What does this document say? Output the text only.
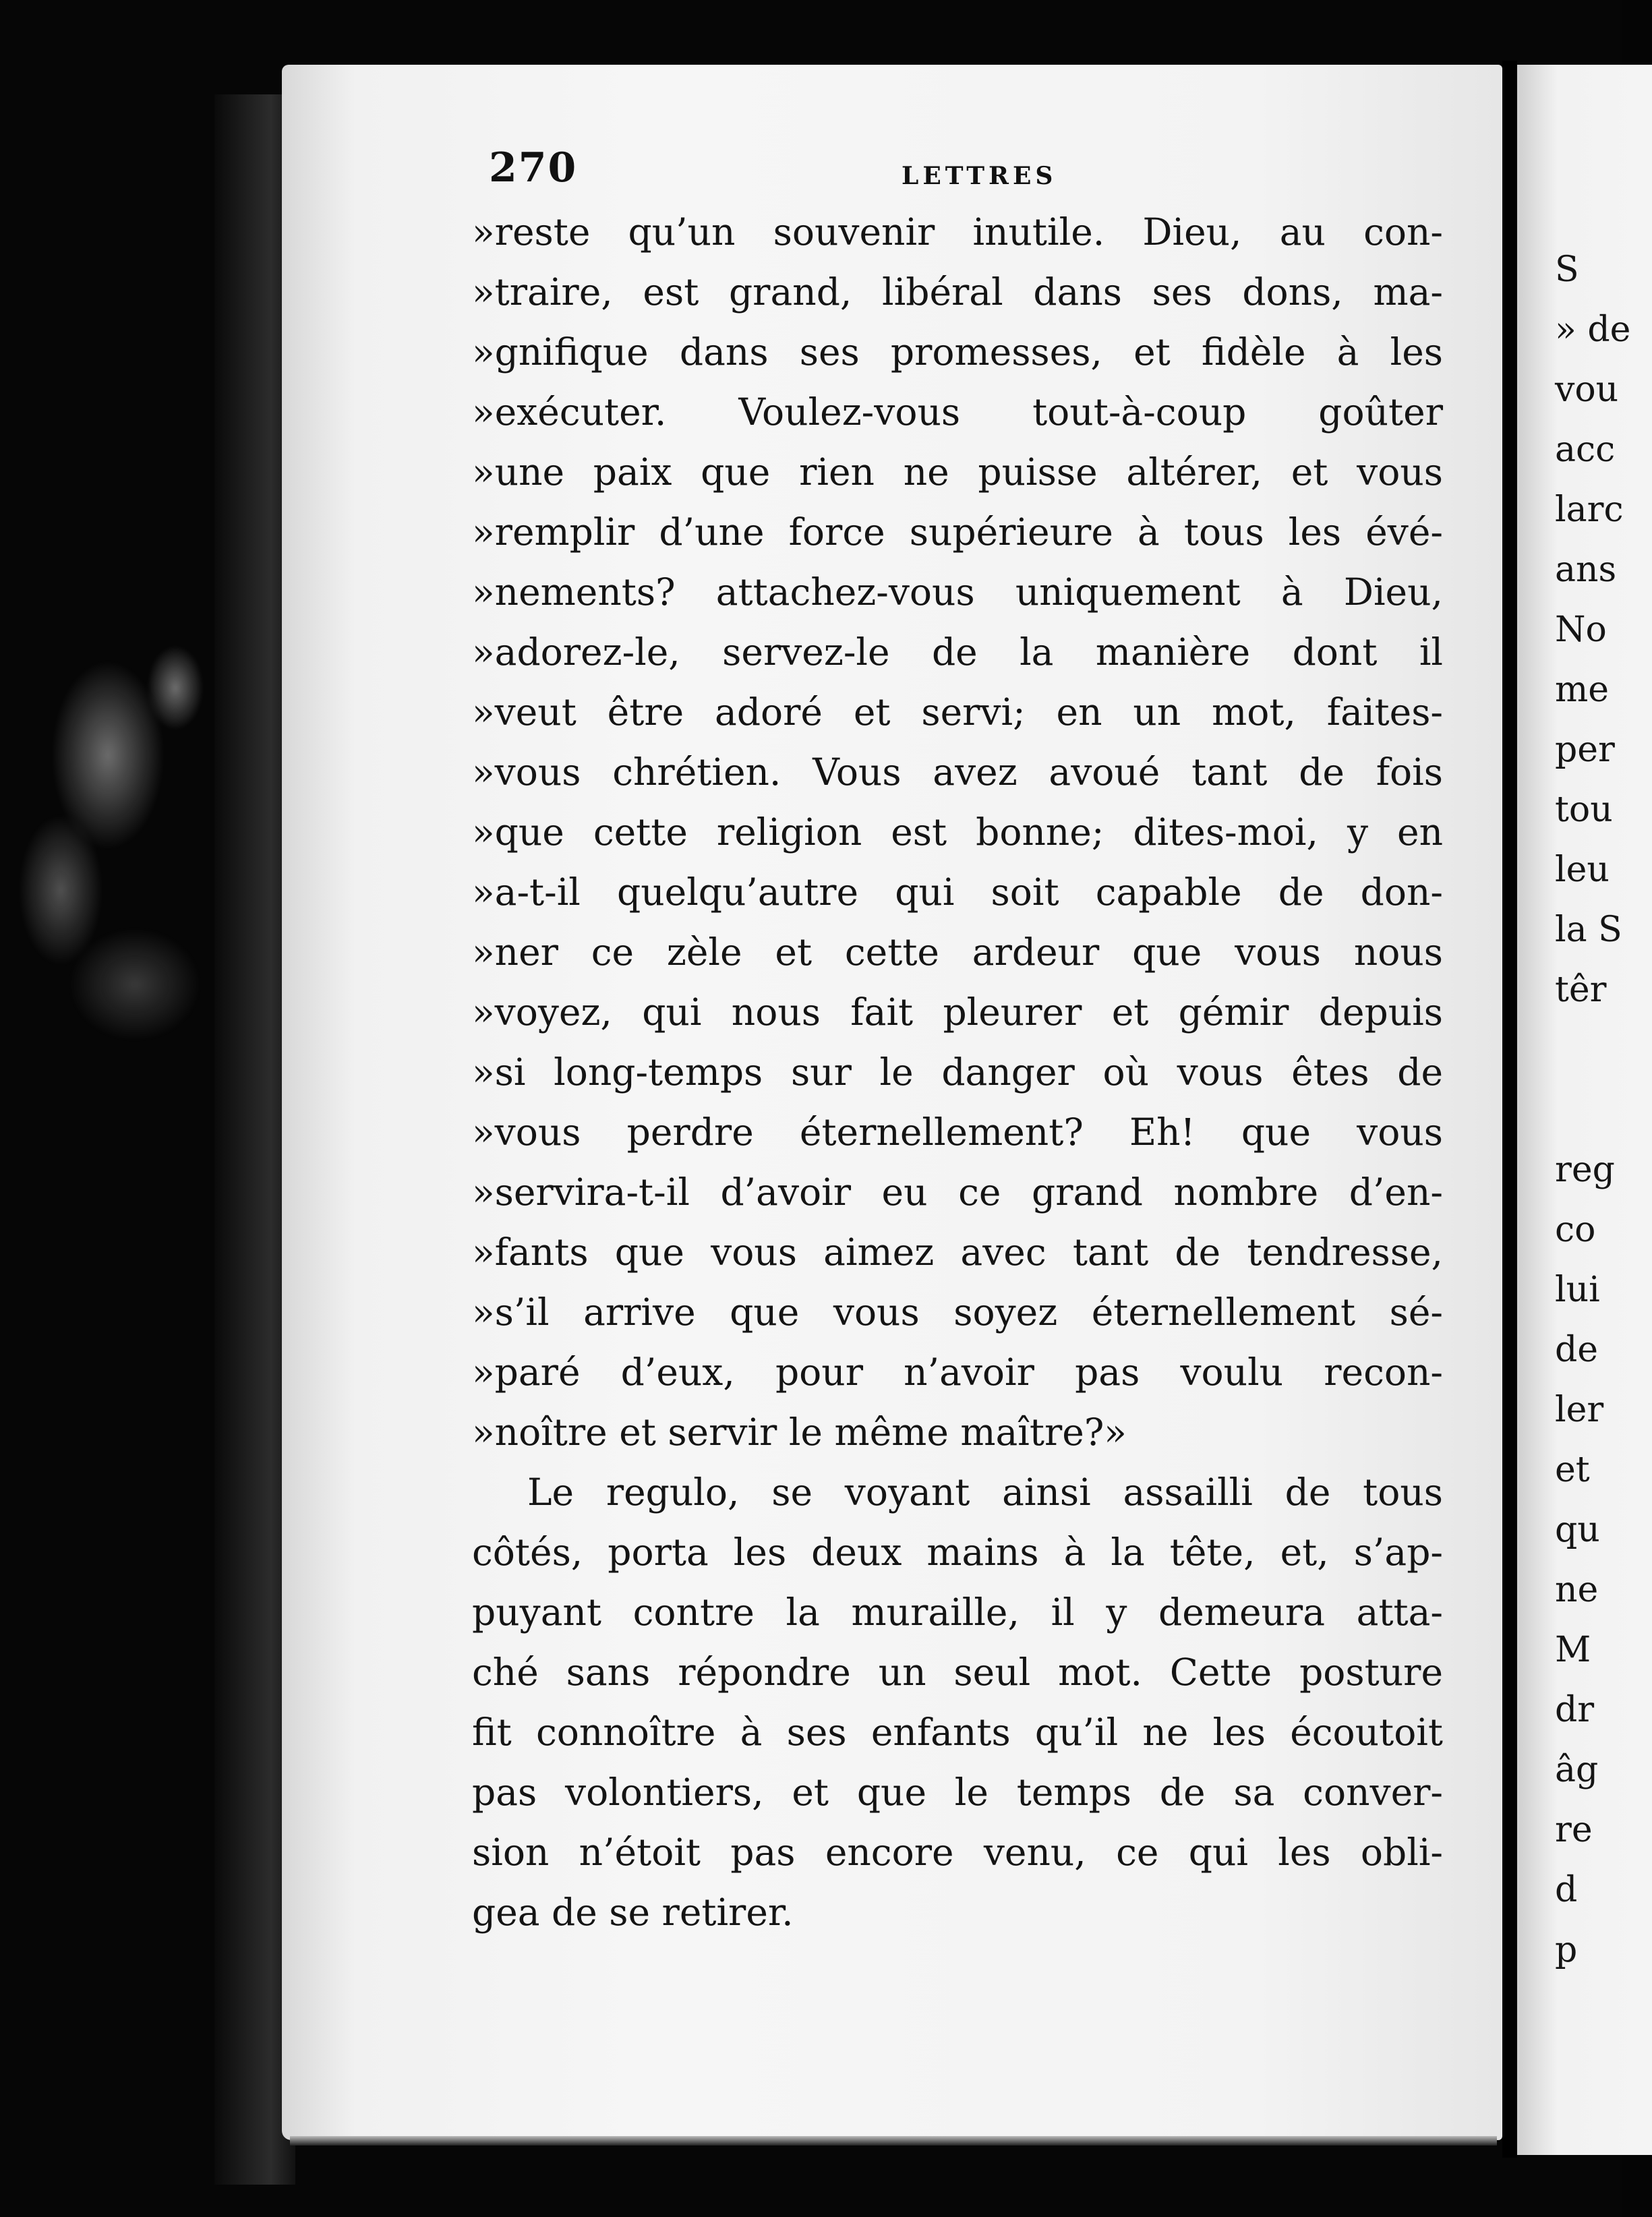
270	LETTRES
»reste qu’un souvenir inutile. Dieu, au con-
»traire, est grand, libéral dans ses dons, ma-
»gnifique dans ses promesses, et fidèle à les
»exécuter. Voulez-vous tout-à-coup goûter
»une paix que rien ne puisse altérer, et vous
»remplir d’une force supérieure à tous les évé-
»nements? attachez-vous uniquement à Dieu,
»adorez-le, servez-le de la manière dont il
»veut être adoré et servi; en un mot, faites-
»vous chrétien. Vous avez avoué tant de fois
»que cette religion est bonne; dites-moi, y en
»a-t-il quelqu’autre qui soit capable de don-
»ner ce zèle et cette ardeur que vous nous
»voyez, qui nous fait pleurer et gémir depuis
»si long-temps sur le danger où vous êtes de
»vous perdre éternellement? Eh! que vous
»servira-t-il d’avoir eu ce grand nombre d’en-
»fants que vous aimez avec tant de tendresse,
»s’il arrive que vous soyez éternellement sé-
»paré d’eux, pour n’avoir pas voulu recon-
»noître et servir le même maître?»
Le regulo, se voyant ainsi assailli de tous
côtés, porta les deux mains à la tête, et, s’ap-
puyant contre la muraille, il y demeura atta-
ché sans répondre un seul mot. Cette posture
fit connoître à ses enfants qu’il ne les écoutoit
pas volontiers, et que le temps de sa conver-
sion n’étoit pas encore venu, ce qui les obli-
gea de se retirer.
S
» de
vou
acc
larc
ans
No
me
per
tou
leu
la S
têr
reg
co
lui
de
ler
et
qu
ne
M
dr
âg
re
d
p
